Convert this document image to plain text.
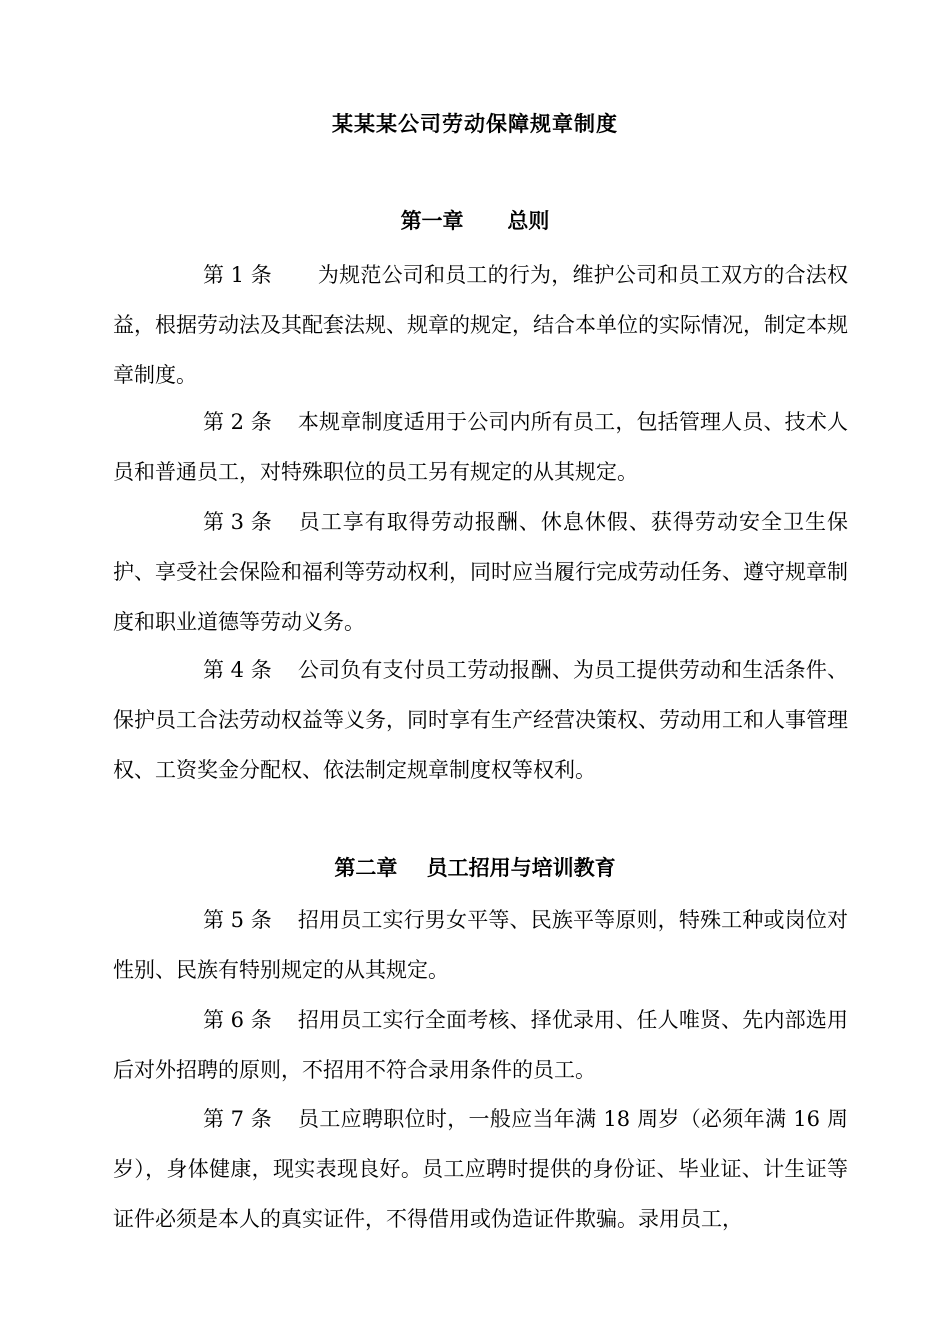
某某某公司劳动保障规章制度
第一章      总则

第 1 条 为规范公司和员工的行为，维护公司和员工双方的合法权益，根据劳动法及其配套法规、规章的规定，结合本单位的实际情况，制定本规章制度。

第 2 条 本规章制度适用于公司内所有员工，包括管理人员、技术人员和普通员工，对特殊职位的员工另有规定的从其规定。

第 3 条 员工享有取得劳动报酬、休息休假、获得劳动安全卫生保护、享受社会保险和福利等劳动权利，同时应当履行完成劳动任务、遵守规章制度和职业道德等劳动义务。

第 4 条 公司负有支付员工劳动报酬、为员工提供劳动和生活条件、保护员工合法劳动权益等义务，同时享有生产经营决策权、劳动用工和人事管理权、工资奖金分配权、依法制定规章制度权等权利。

第二章    员工招用与培训教育

第 5 条 招用员工实行男女平等、民族平等原则，特殊工种或岗位对性别、民族有特别规定的从其规定。

第 6 条 招用员工实行全面考核、择优录用、任人唯贤、先内部选用后对外招聘的原则，不招用不符合录用条件的员工。

第 7 条 员工应聘职位时，一般应当年满 18 周岁（必须年满 16 周岁），身体健康，现实表现良好。员工应聘时提供的身份证、毕业证、计生证等证件必须是本人的真实证件，不得借用或伪造证件欺骗。录用员工，
